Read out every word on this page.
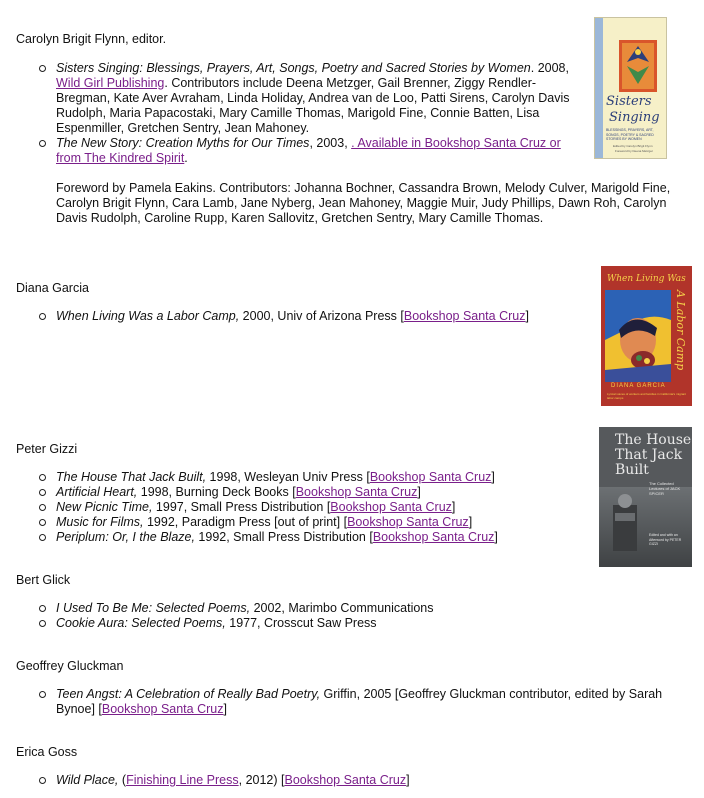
Carolyn Brigit Flynn, editor.
Sisters Singing: Blessings, Prayers, Art, Songs, Poetry and Sacred Stories by Women. 2008, Wild Girl Publishing. Contributors include Deena Metzger, Gail Brenner, Ziggy Rendler-Bregman, Kate Aver Avraham, Linda Holiday, Andrea van de Loo, Patti Sirens, Carolyn Davis Rudolph, Maria Papacostaki, Mary Camille Thomas, Marigold Fine, Connie Batten, Lisa Espenmiller, Gretchen Sentry, Jean Mahoney.
The New Story: Creation Myths for Our Times, 2003, . Available in Bookshop Santa Cruz or from The Kindred Spirit.
Foreword by Pamela Eakins. Contributors: Johanna Bochner, Cassandra Brown, Melody Culver, Marigold Fine, Carolyn Brigit Flynn, Cara Lamb, Jane Nyberg, Jean Mahoney, Maggie Muir, Judy Phillips, Dawn Roh, Carolyn Davis Rudolph, Caroline Rupp, Karen Sallovitz, Gretchen Sentry, Mary Camille Thomas.
Diana Garcia
When Living Was a Labor Camp, 2000, Univ of Arizona Press [Bookshop Santa Cruz]
Peter Gizzi
The House That Jack Built, 1998, Wesleyan Univ Press [Bookshop Santa Cruz]
Artificial Heart, 1998, Burning Deck Books [Bookshop Santa Cruz]
New Picnic Time, 1997, Small Press Distribution [Bookshop Santa Cruz]
Music for Films, 1992, Paradigm Press [out of print] [Bookshop Santa Cruz]
Periplum: Or, I the Blaze, 1992, Small Press Distribution [Bookshop Santa Cruz]
Bert Glick
I Used To Be Me: Selected Poems, 2002, Marimbo Communications
Cookie Aura: Selected Poems, 1977, Crosscut Saw Press
Geoffrey Gluckman
Teen Angst: A Celebration of Really Bad Poetry, Griffin, 2005 [Geoffrey Gluckman contributor, edited by Sarah Bynoe] [Bookshop Santa Cruz]
Erica Goss
Wild Place, (Finishing Line Press, 2012) [Bookshop Santa Cruz]
Sisters
Singing
BLESSINGS, PRAYERS, ART, SONGS, POETRY & SACRED STORIES BY WOMEN
Edited by Carolyn Brigit Flynn
Foreword by Deena Metzger
When Living Was
A Labor Camp
DIANA GARCIA
Lyrical voices of workers and families in California's migrant labor camps
The House
That Jack
Built
The Collected Lectures of JACK SPICER
Edited and with an Afterword by PETER GIZZI
